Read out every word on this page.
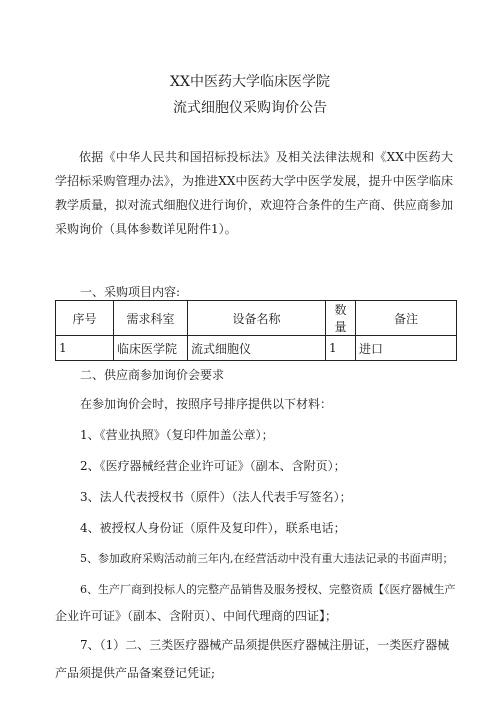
XX中医药大学临床医学院
流式细胞仪采购询价公告
依据《中华人民共和国招标投标法》及相关法律法规和《XX中医药大学招标采购管理办法》，为推进XX中医药大学中医学发展，提升中医学临床教学质量，拟对流式细胞仪进行询价，欢迎符合条件的生产商、供应商参加采购询价（具体参数详见附件1）。
一、采购项目内容:
序号	需求科室	设备名称	数量	备注
1	临床医学院	流式细胞仪	1	进口
二、供应商参加询价会要求
在参加询价会时，按照序号排序提供以下材料：
1、《营业执照》（复印件加盖公章）；
2、《医疗器械经营企业许可证》（副本、含附页）；
3、法人代表授权书（原件）（法人代表手写签名）；
4、被授权人身份证（原件及复印件），联系电话；
5、参加政府采购活动前三年内,在经营活动中没有重大违法记录的书面声明；
6、生产厂商到投标人的完整产品销售及服务授权、完整资质【《医疗器械生产
企业许可证》（副本、含附页）、中间代理商的四证】；
7、（1）二、三类医疗器械产品须提供医疗器械注册证，一类医疗器械
产品须提供产品备案登记凭证;
